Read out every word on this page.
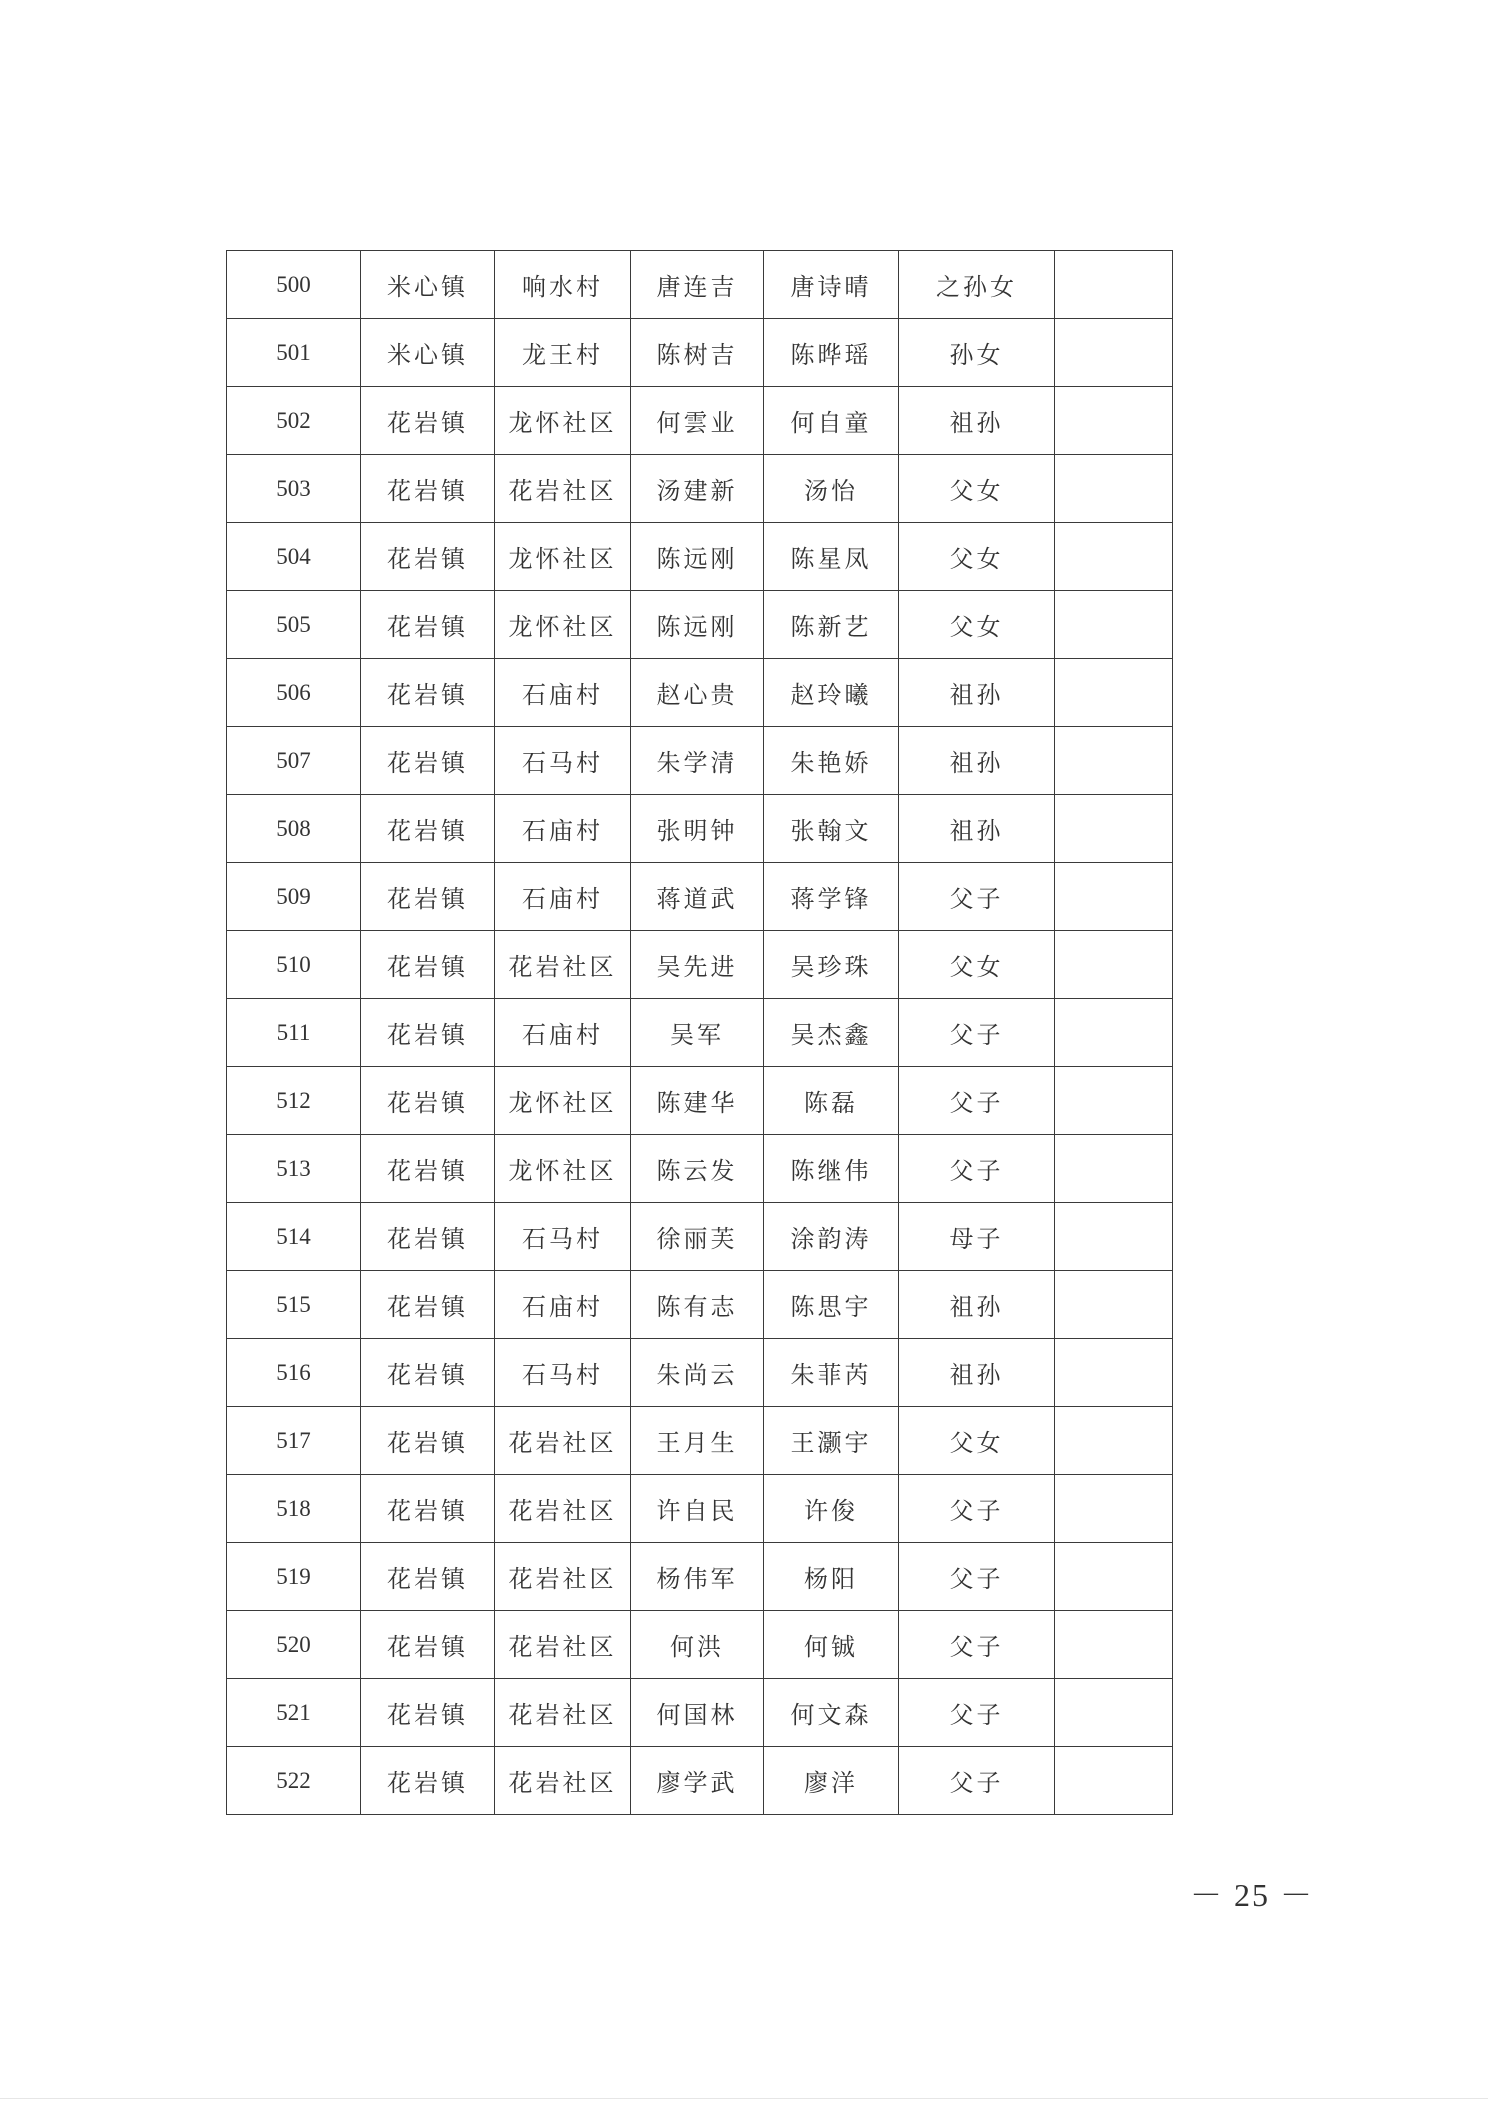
500	米心镇	响水村	唐连吉	唐诗晴	之孙女	
501	米心镇	龙王村	陈树吉	陈晔瑶	孙女	
502	花岩镇	龙怀社区	何雲业	何自童	祖孙	
503	花岩镇	花岩社区	汤建新	汤怡	父女	
504	花岩镇	龙怀社区	陈远刚	陈星凤	父女	
505	花岩镇	龙怀社区	陈远刚	陈新艺	父女	
506	花岩镇	石庙村	赵心贵	赵玲曦	祖孙	
507	花岩镇	石马村	朱学清	朱艳娇	祖孙	
508	花岩镇	石庙村	张明钟	张翰文	祖孙	
509	花岩镇	石庙村	蒋道武	蒋学锋	父子	
510	花岩镇	花岩社区	吴先进	吴珍珠	父女	
511	花岩镇	石庙村	吴军	吴杰鑫	父子	
512	花岩镇	龙怀社区	陈建华	陈磊	父子	
513	花岩镇	龙怀社区	陈云发	陈继伟	父子	
514	花岩镇	石马村	徐丽芙	涂韵涛	母子	
515	花岩镇	石庙村	陈有志	陈思宇	祖孙	
516	花岩镇	石马村	朱尚云	朱菲芮	祖孙	
517	花岩镇	花岩社区	王月生	王灏宇	父女	
518	花岩镇	花岩社区	许自民	许俊	父子	
519	花岩镇	花岩社区	杨伟军	杨阳	父子	
520	花岩镇	花岩社区	何洪	何铖	父子	
521	花岩镇	花岩社区	何国林	何文森	父子	
522	花岩镇	花岩社区	廖学武	廖洋	父子	
－ 25 －
